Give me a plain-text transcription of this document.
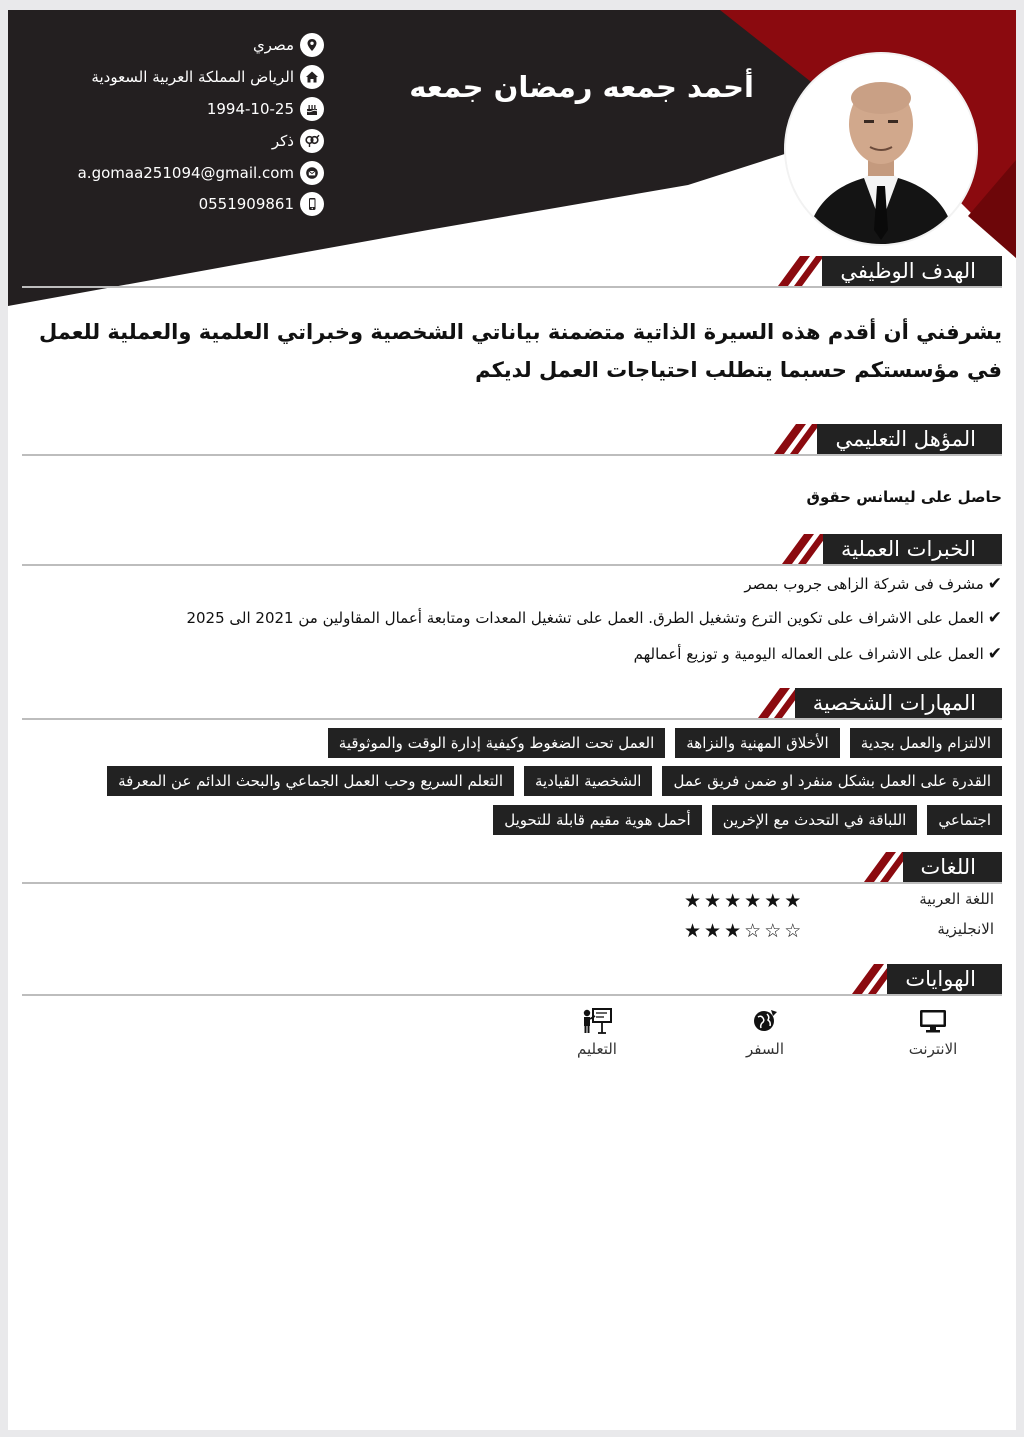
أحمد جمعه رمضان جمعه
مصري
الرياض المملكة العربية السعودية
1994-10-25
ذكر
a.gomaa251094@gmail.com
0551909861
الهدف الوظيفي
يشرفني أن أقدم هذه السيرة الذاتية متضمنة بياناتي الشخصية وخبراتي العلمية والعملية للعمل في مؤسستكم حسبما يتطلب احتياجات العمل لديكم
المؤهل التعليمي
حاصل على ليسانس حقوق
الخبرات العملية
✔
مشرف فى شركة الزاهى جروب بمصر
✔
العمل على الاشراف على تكوين الترع وتشغيل الطرق. العمل على تشغيل المعدات ومتابعة أعمال المقاولين من 2021 الى 2025
✔
العمل على الاشراف على العماله اليومية و توزيع أعمالهم
المهارات الشخصية
الالتزام والعمل بجدية
الأخلاق المهنية والنزاهة
العمل تحت الضغوط وكيفية إدارة الوقت والموثوقية
القدرة على العمل بشكل منفرد او ضمن فريق عمل
الشخصية القيادية
التعلم السريع وحب العمل الجماعي والبحث الدائم عن المعرفة
اجتماعي
اللباقة في التحدث مع الإخرين
أحمل هوية مقيم قابلة للتحويل
اللغات
اللغة العربية
★ ★ ★ ★ ★ ★
الانجليزية
★ ★ ★ ☆ ☆ ☆
الهوايات
الانترنت
السفر
التعليم
